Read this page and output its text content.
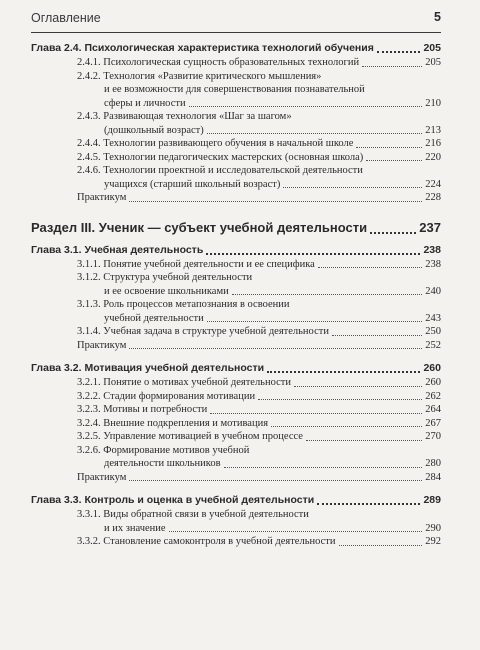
Оглавление	5
Глава 2.4. Психологическая характеристика технологий обучения	205
2.4.1. Психологическая сущность образовательных технологий	205
2.4.2. Технология «Развитие критического мышления»
и ее возможности для совершенствования познавательной
сферы и личности	210
2.4.3. Развивающая технология «Шаг за шагом»
(дошкольный возраст)	213
2.4.4. Технологии развивающего обучения в начальной школе	216
2.4.5. Технологии педагогических мастерских (основная школа)	220
2.4.6. Технологии проектной и исследовательской деятельности
учащихся (старший школьный возраст)	224
Практикум	228
Раздел III. Ученик — субъект учебной деятельности	237
Глава 3.1. Учебная деятельность	238
3.1.1. Понятие учебной деятельности и ее специфика	238
3.1.2. Структура учебной деятельности
и ее освоение школьниками	240
3.1.3. Роль процессов метапознания в освоении
учебной деятельности	243
3.1.4. Учебная задача в структуре учебной деятельности	250
Практикум	252
Глава 3.2. Мотивация учебной деятельности	260
3.2.1. Понятие о мотивах учебной деятельности	260
3.2.2. Стадии формирования мотивации	262
3.2.3. Мотивы и потребности	264
3.2.4. Внешние подкрепления и мотивация	267
3.2.5. Управление мотивацией в учебном процессе	270
3.2.6. Формирование мотивов учебной
деятельности школьников	280
Практикум	284
Глава 3.3. Контроль и оценка в учебной деятельности	289
3.3.1. Виды обратной связи в учебной деятельности
и их значение	290
3.3.2. Становление самоконтроля в учебной деятельности	292
